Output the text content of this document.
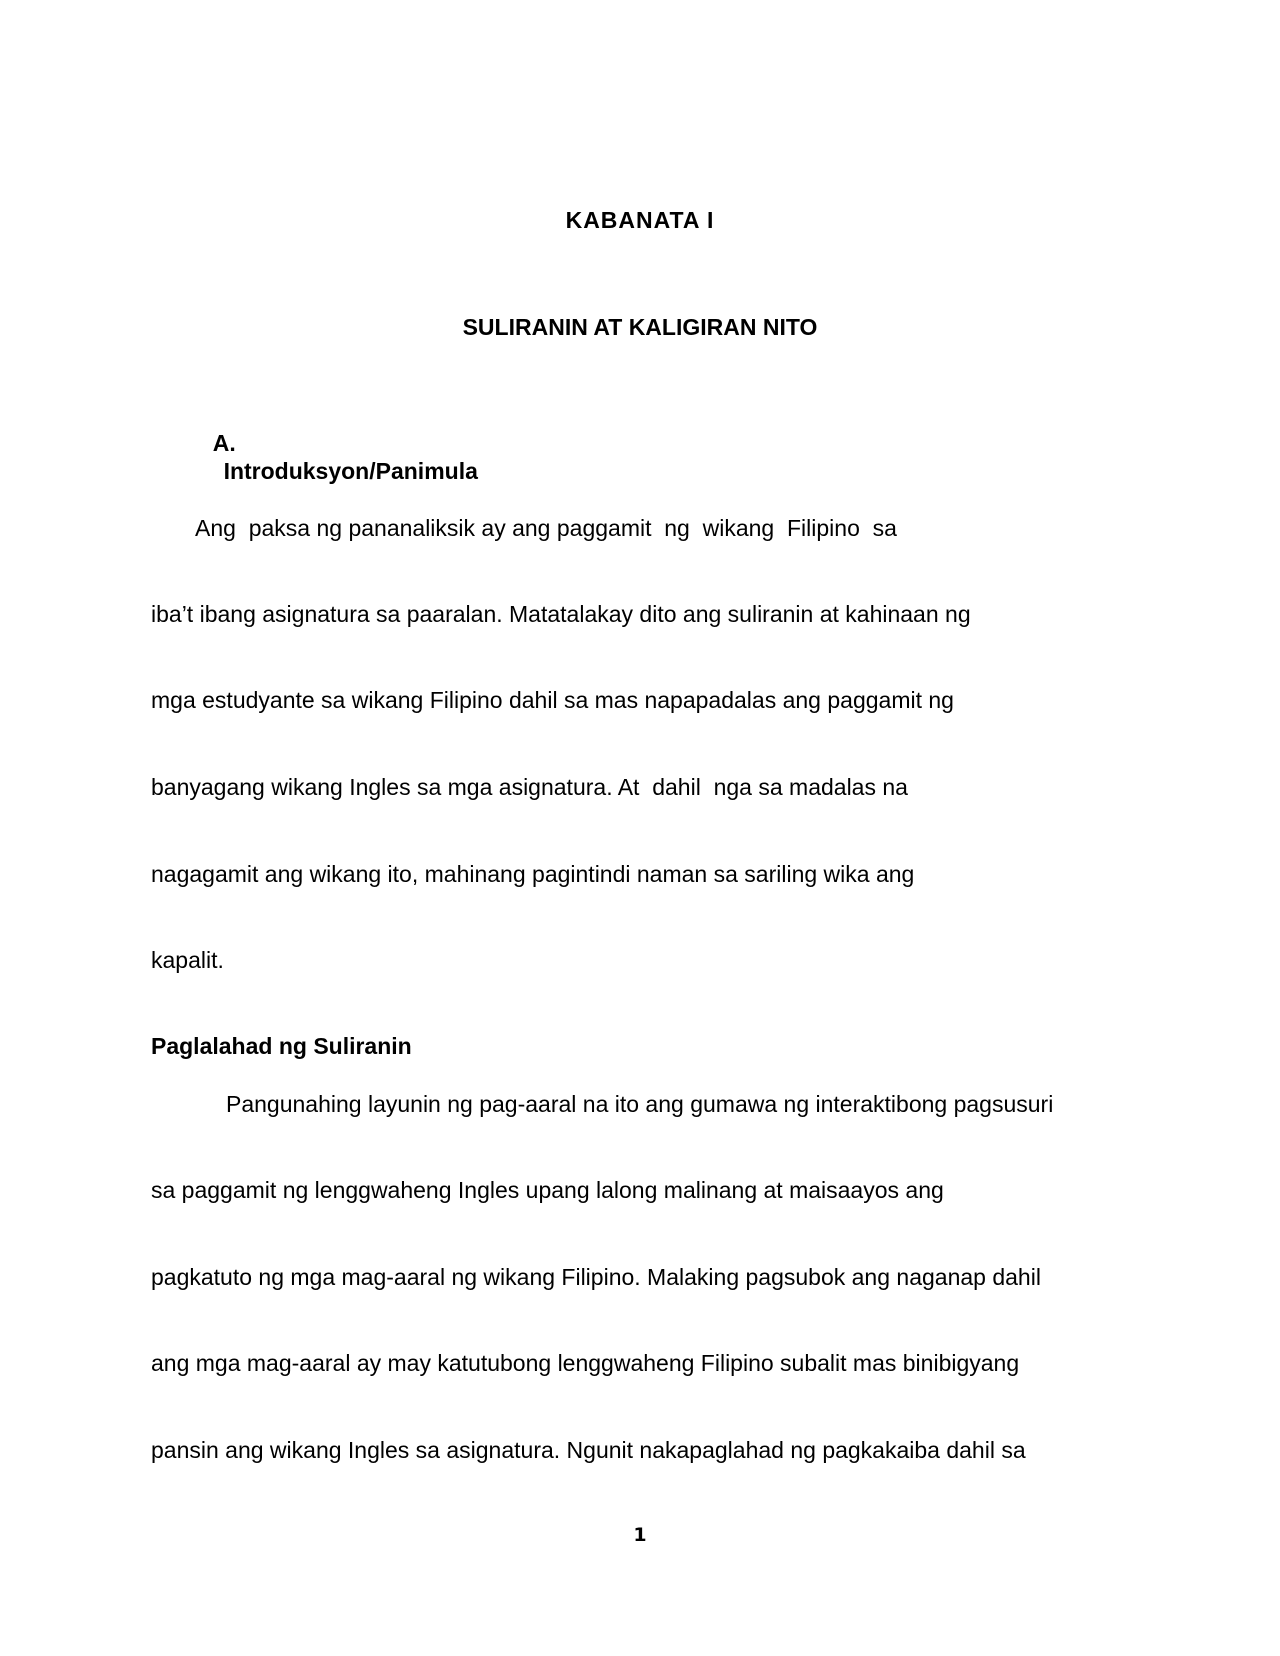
KABANATA I
SULIRANIN AT KALIGIRAN NITO

A.
Introduksyon/Panimula

Ang  paksa ng pananaliksik ay ang paggamit  ng  wikang  Filipino  sa

iba’t ibang asignatura sa paaralan. Matatalakay dito ang suliranin at kahinaan ng

mga estudyante sa wikang Filipino dahil sa mas napapadalas ang paggamit ng

banyagang wikang Ingles sa mga asignatura. At  dahil  nga sa madalas na

nagagamit ang wikang ito, mahinang pagintindi naman sa sariling wika ang

kapalit.

Paglalahad ng Suliranin

Pangunahing layunin ng pag-aaral na ito ang gumawa ng interaktibong pagsusuri

sa paggamit ng lenggwaheng Ingles upang lalong malinang at maisaayos ang

pagkatuto ng mga mag-aaral ng wikang Filipino. Malaking pagsubok ang naganap dahil

ang mga mag-aaral ay may katutubong lenggwaheng Filipino subalit mas binibigyang

pansin ang wikang Ingles sa asignatura. Ngunit nakapaglahad ng pagkakaiba dahil sa

1
